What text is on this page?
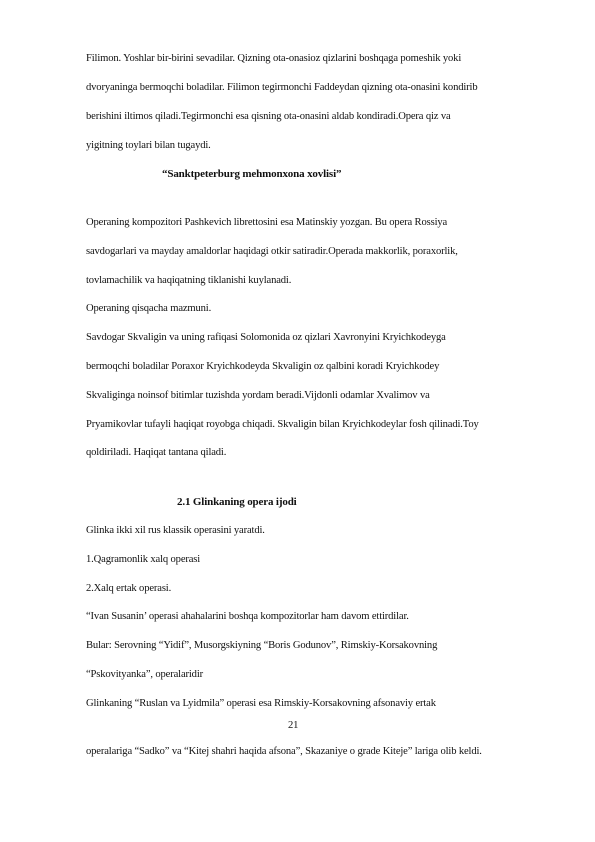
Filimon. Yoshlar bir-birini sevadilar. Qizning ota-onasioz qizlarini boshqaga pomeshik yoki
dvoryaninga bermoqchi boladilar. Filimon tegirmonchi Faddeydan qizning ota-onasini kondirib
berishini iltimos qiladi.Tegirmonchi esa qisning ota-onasini aldab kondiradi.Opera qiz va
yigitning toylari bilan tugaydi.
“Sanktpeterburg mehmonxona xovlisi”
Operaning kompozitori Pashkevich librettosini esa Matinskiy yozgan. Bu opera Rossiya
savdogarlari va mayday amaldorlar haqidagi otkir satiradir.Operada makkorlik, poraxorlik,
tovlamachilik va haqiqatning tiklanishi kuylanadi.
Operaning qisqacha mazmuni.
Savdogar Skvaligin va uning rafiqasi Solomonida oz qizlari Xavronyini Kryichkodeyga
bermoqchi boladilar Poraxor Kryichkodeyda Skvaligin oz qalbini koradi Kryichkodey
Skvaliginga noinsof bitimlar tuzishda yordam beradi.Vijdonli odamlar Xvalimov va
Pryamikovlar tufayli haqiqat royobga chiqadi. Skvaligin bilan Kryichkodeylar fosh qilinadi.Toy
qoldiriladi. Haqiqat tantana qiladi.
2.1 Glinkaning opera ijodi
Glinka ikki xil rus klassik operasini yaratdi.
1.Qagramonlik xalq operasi
2.Xalq ertak operasi.
“Ivan Susanin’ operasi ahahalarini boshqa kompozitorlar ham davom ettirdilar.
Bular: Serovning “Yidif”, Musorgskiyning “Boris Godunov”, Rimskiy-Korsakovning
“Pskovityanka”, operalaridir
Glinkaning “Ruslan va Lyidmila” operasi esa Rimskiy-Korsakovning afsonaviy ertak
21
operalariga “Sadko” va “Kitej shahri haqida afsona”, Skazaniye o grade Kiteje” lariga olib keldi.
